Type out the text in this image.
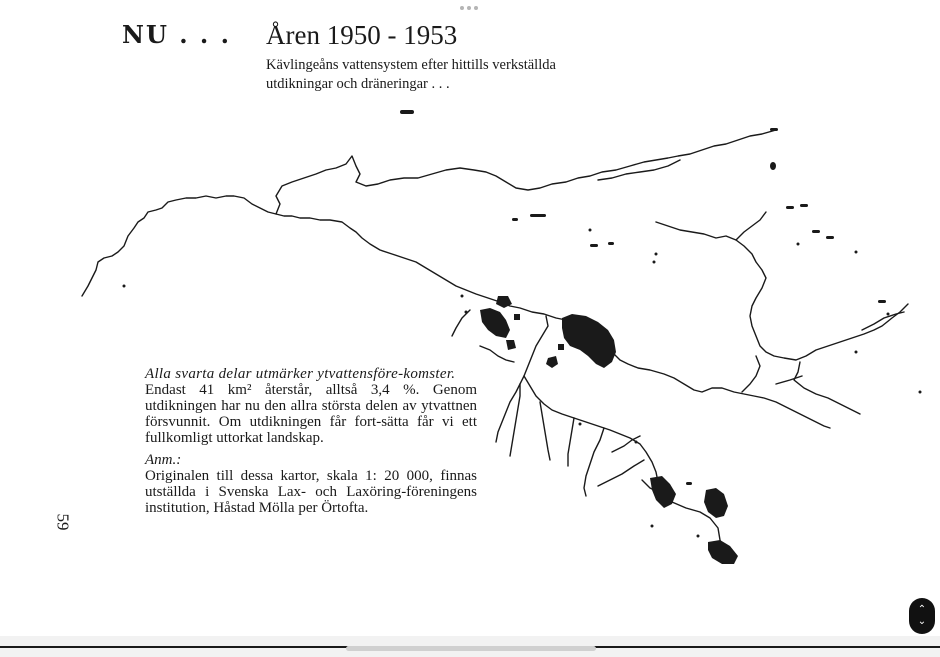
NU . . . Åren 1950 - 1953
Kävlingeåns vattensystem efter hittills verkställda utdikningar och dräneringar . . .

Alla svarta delar utmärker ytvattensföre-komster.

Endast 41 km² återstår, alltså 3,4 %. Genom utdikningen har nu den allra största delen av ytvattnen försvunnit. Om utdikningen får fort-sätta får vi ett fullkomligt uttorkat landskap.

Anm.:

Originalen till dessa kartor, skala 1: 20 000, finnas utställda i Svenska Lax- och Laxöring-föreningens institution, Håstad Mölla per Örtofta.

59
⌃
⌄
